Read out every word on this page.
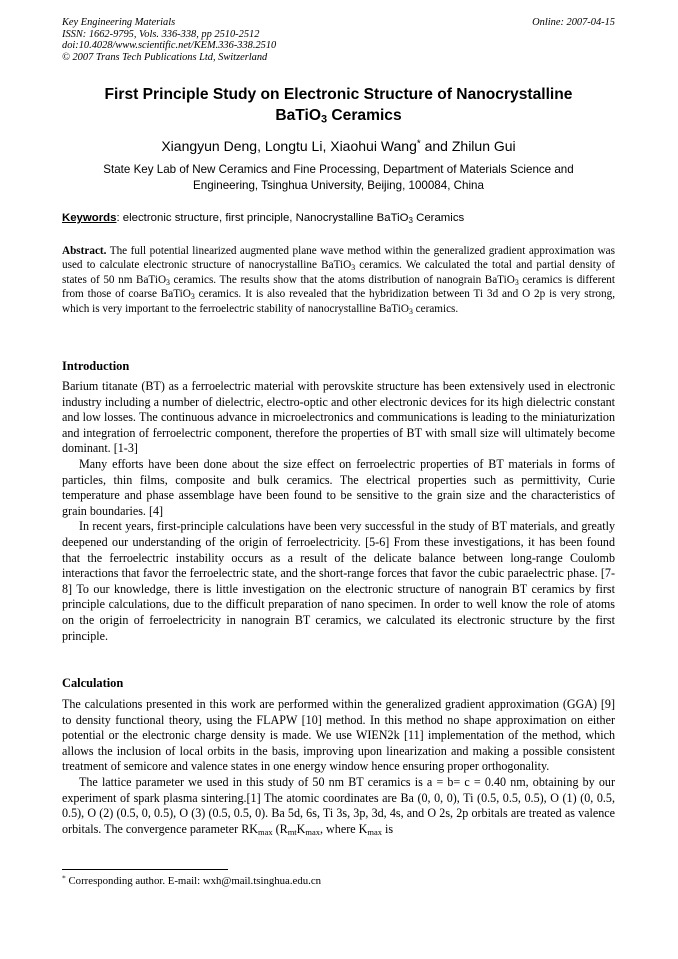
Key Engineering Materials
ISSN: 1662-9795, Vols. 336-338, pp 2510-2512
doi:10.4028/www.scientific.net/KEM.336-338.2510
© 2007 Trans Tech Publications Ltd, Switzerland
Online: 2007-04-15
First Principle Study on Electronic Structure of Nanocrystalline
BaTiO$_3$ Ceramics
Xiangyun Deng, Longtu Li, Xiaohui Wang* and Zhilun Gui
State Key Lab of New Ceramics and Fine Processing, Department of Materials Science and
Engineering, Tsinghua University, Beijing, 100084, China
Keywords: electronic structure, first principle, Nanocrystalline BaTiO$_3$ Ceramics
Abstract. The full potential linearized augmented plane wave method within the generalized gradient approximation was used to calculate electronic structure of nanocrystalline BaTiO$_3$ ceramics. We calculated the total and partial density of states of 50 nm BaTiO$_3$ ceramics. The results show that the atoms distribution of nanograin BaTiO$_3$ ceramics is different from those of coarse BaTiO$_3$ ceramics. It is also revealed that the hybridization between Ti 3d and O 2p is very strong, which is very important to the ferroelectric stability of nanocrystalline BaTiO$_3$ ceramics.
Introduction

Barium titanate (BT) as a ferroelectric material with perovskite structure has been extensively used in electronic industry including a number of dielectric, electro-optic and other electronic devices for its high dielectric constant and low losses. The continuous advance in microelectronics and communications is leading to the miniaturization and integration of ferroelectric component, therefore the properties of BT with small size will ultimately become dominant. [1-3]

Many efforts have been done about the size effect on ferroelectric properties of BT materials in forms of particles, thin films, composite and bulk ceramics. The electrical properties such as permittivity, Curie temperature and phase assemblage have been found to be sensitive to the grain size and the characteristics of grain boundaries. [4]

In recent years, first-principle calculations have been very successful in the study of BT materials, and greatly deepened our understanding of the origin of ferroelectricity. [5-6] From these investigations, it has been found that the ferroelectric instability occurs as a result of the delicate balance between long-range Coulomb interactions that favor the ferroelectric state, and the short-range forces that favor the cubic paraelectric phase. [7-8] To our knowledge, there is little investigation on the electronic structure of nanograin BT ceramics by first principle calculations, due to the difficult preparation of nano specimen. In order to well know the role of atoms on the origin of ferroelectricity in nanograin BT ceramics, we calculated its electronic structure by the first principle.

Calculation

The calculations presented in this work are performed within the generalized gradient approximation (GGA) [9] to density functional theory, using the FLAPW [10] method. In this method no shape approximation on either potential or the electronic charge density is made. We use WIEN2k [11] implementation of the method, which allows the inclusion of local orbits in the basis, improving upon linearization and making a possible consistent treatment of semicore and valence states in one energy window hence ensuring proper orthogonality.

The lattice parameter we used in this study of 50 nm BT ceramics is a = b= c = 0.40 nm, obtaining by our experiment of spark plasma sintering.[1] The atomic coordinates are Ba (0, 0, 0), Ti (0.5, 0.5, 0.5), O (1) (0, 0.5, 0.5), O (2) (0.5, 0, 0.5), O (3) (0.5, 0.5, 0). Ba 5d, 6s, Ti 3s, 3p, 3d, 4s, and O 2s, 2p orbitals are treated as valence orbitals. The convergence parameter $RK_{max}$ ($R_{mt}K_{max}$, where $K_{max}$ is

* Corresponding author. E-mail: wxh@mail.tsinghua.edu.cn
